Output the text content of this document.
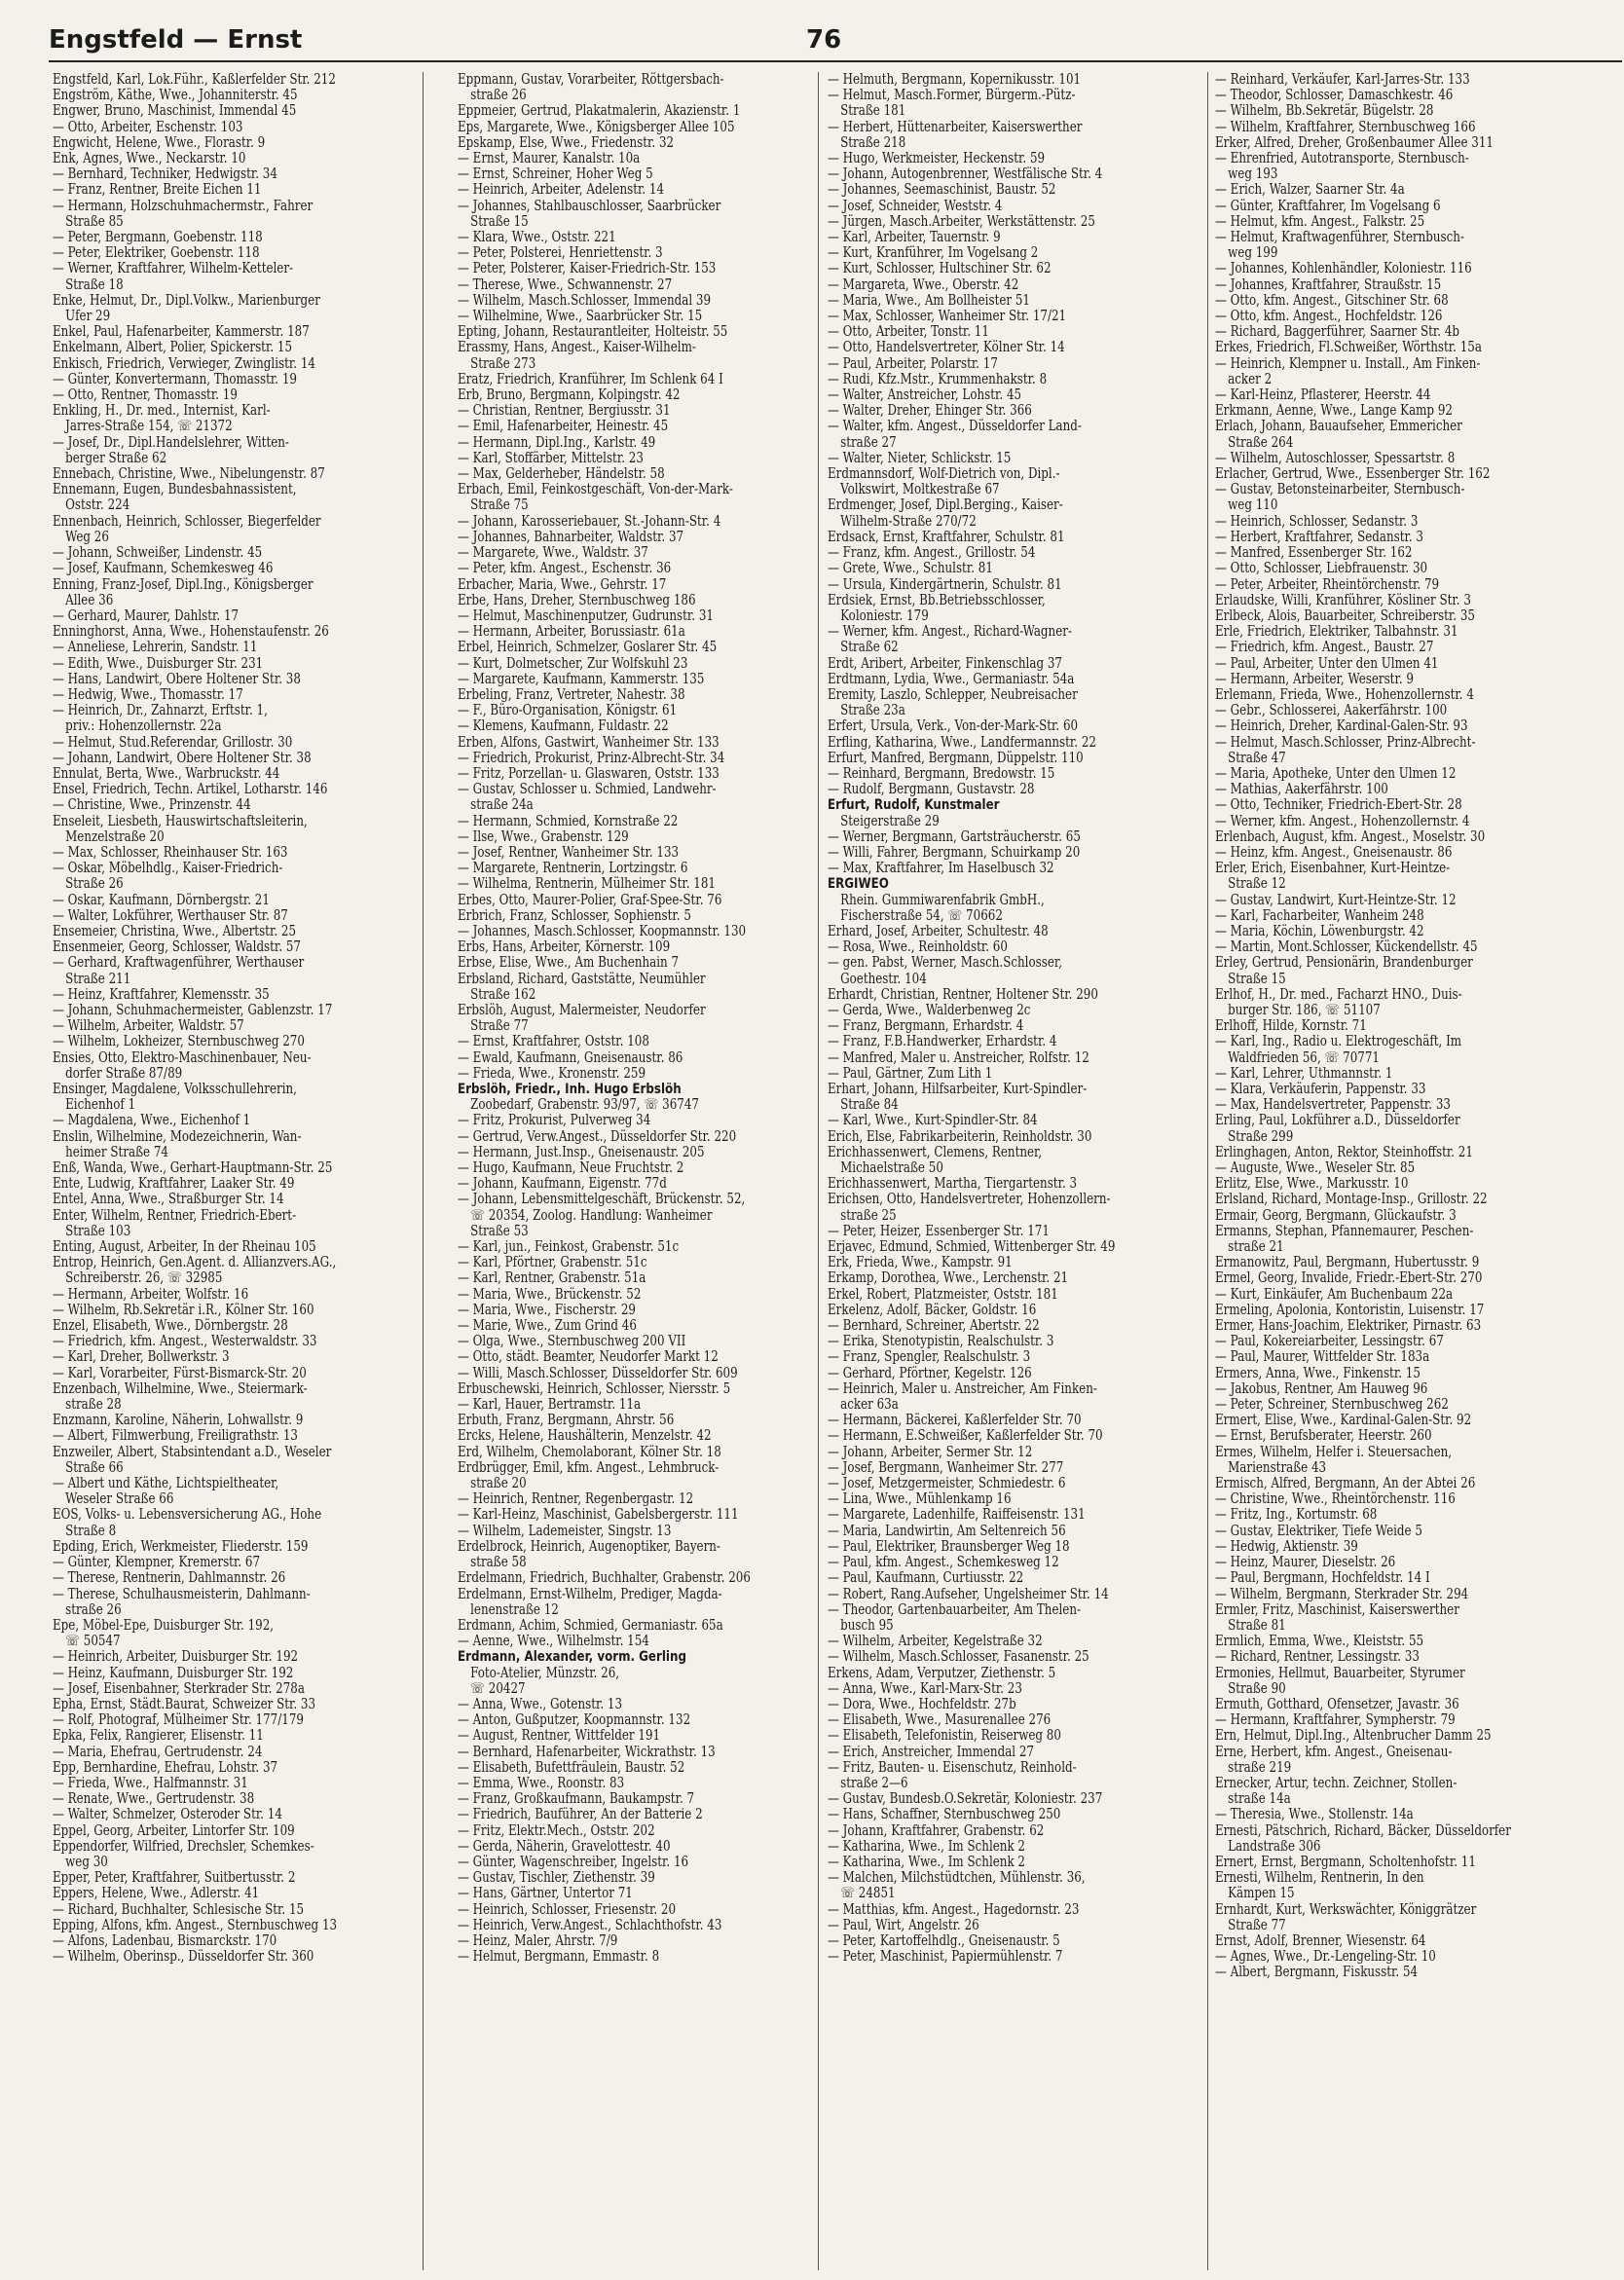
Engstfeld — Ernst	76
Engstfeld, Karl, Lok.Führ., Kaßlerfelder Str. 212
Engström, Käthe, Wwe., Johanniterstr. 45
Engwer, Bruno, Maschinist, Immendal 45
— Otto, Arbeiter, Eschenstr. 103
Engwicht, Helene, Wwe., Florastr. 9
Enk, Agnes, Wwe., Neckarstr. 10
— Bernhard, Techniker, Hedwigstr. 34
— Franz, Rentner, Breite Eichen 11
— Hermann, Holzschuhmachermstr., Fahrer
Straße 85
— Peter, Bergmann, Goebenstr. 118
— Peter, Elektriker, Goebenstr. 118
— Werner, Kraftfahrer, Wilhelm-Ketteler-
Straße 18
Enke, Helmut, Dr., Dipl.Volkw., Marienburger
Ufer 29
Enkel, Paul, Hafenarbeiter, Kammerstr. 187
Enkelmann, Albert, Polier, Spickerstr. 15
Enkisch, Friedrich, Verwieger, Zwinglistr. 14
— Günter, Konvertermann, Thomasstr. 19
— Otto, Rentner, Thomasstr. 19
Enkling, H., Dr. med., Internist, Karl-
Jarres-Straße 154, ☏ 21372
— Josef, Dr., Dipl.Handelslehrer, Witten-
berger Straße 62
Ennebach, Christine, Wwe., Nibelungenstr. 87
Ennemann, Eugen, Bundesbahnassistent,
Oststr. 224
Ennenbach, Heinrich, Schlosser, Biegerfelder
Weg 26
— Johann, Schweißer, Lindenstr. 45
— Josef, Kaufmann, Schemkesweg 46
Enning, Franz-Josef, Dipl.Ing., Königsberger
Allee 36
— Gerhard, Maurer, Dahlstr. 17
Enninghorst, Anna, Wwe., Hohenstaufenstr. 26
— Anneliese, Lehrerin, Sandstr. 11
— Edith, Wwe., Duisburger Str. 231
— Hans, Landwirt, Obere Holtener Str. 38
— Hedwig, Wwe., Thomasstr. 17
— Heinrich, Dr., Zahnarzt, Erftstr. 1,
priv.: Hohenzollernstr. 22a
— Helmut, Stud.Referendar, Grillostr. 30
— Johann, Landwirt, Obere Holtener Str. 38
Ennulat, Berta, Wwe., Warbruckstr. 44
Ensel, Friedrich, Techn. Artikel, Lotharstr. 146
— Christine, Wwe., Prinzenstr. 44
Enseleit, Liesbeth, Hauswirtschaftsleiterin,
Menzelstraße 20
— Max, Schlosser, Rheinhauser Str. 163
— Oskar, Möbelhdlg., Kaiser-Friedrich-
Straße 26
— Oskar, Kaufmann, Dörnbergstr. 21
— Walter, Lokführer, Werthauser Str. 87
Ensemeier, Christina, Wwe., Albertstr. 25
Ensenmeier, Georg, Schlosser, Waldstr. 57
— Gerhard, Kraftwagenführer, Werthauser
Straße 211
— Heinz, Kraftfahrer, Klemensstr. 35
— Johann, Schuhmachermeister, Gablenzstr. 17
— Wilhelm, Arbeiter, Waldstr. 57
— Wilhelm, Lokheizer, Sternbuschweg 270
Ensies, Otto, Elektro-Maschinenbauer, Neu-
dorfer Straße 87/89
Ensinger, Magdalene, Volksschullehrerin,
Eichenhof 1
— Magdalena, Wwe., Eichenhof 1
Enslin, Wilhelmine, Modezeichnerin, Wan-
heimer Straße 74
Enß, Wanda, Wwe., Gerhart-Hauptmann-Str. 25
Ente, Ludwig, Kraftfahrer, Laaker Str. 49
Entel, Anna, Wwe., Straßburger Str. 14
Enter, Wilhelm, Rentner, Friedrich-Ebert-
Straße 103
Enting, August, Arbeiter, In der Rheinau 105
Entrop, Heinrich, Gen.Agent. d. Allianzvers.AG.,
Schreiberstr. 26, ☏ 32985
— Hermann, Arbeiter, Wolfstr. 16
— Wilhelm, Rb.Sekretär i.R., Kölner Str. 160
Enzel, Elisabeth, Wwe., Dörnbergstr. 28
— Friedrich, kfm. Angest., Westerwaldstr. 33
— Karl, Dreher, Bollwerkstr. 3
— Karl, Vorarbeiter, Fürst-Bismarck-Str. 20
Enzenbach, Wilhelmine, Wwe., Steiermark-
straße 28
Enzmann, Karoline, Näherin, Lohwallstr. 9
— Albert, Filmwerbung, Freiligrathstr. 13
Enzweiler, Albert, Stabsintendant a.D., Weseler
Straße 66
— Albert und Käthe, Lichtspieltheater,
Weseler Straße 66
EOS, Volks- u. Lebensversicherung AG., Hohe
Straße 8
Epding, Erich, Werkmeister, Fliederstr. 159
— Günter, Klempner, Kremerstr. 67
— Therese, Rentnerin, Dahlmannstr. 26
— Therese, Schulhausmeisterin, Dahlmann-
straße 26
Epe, Möbel-Epe, Duisburger Str. 192,
☏ 50547
— Heinrich, Arbeiter, Duisburger Str. 192
— Heinz, Kaufmann, Duisburger Str. 192
— Josef, Eisenbahner, Sterkrader Str. 278a
Epha, Ernst, Städt.Baurat, Schweizer Str. 33
— Rolf, Photograf, Mülheimer Str. 177/179
Epka, Felix, Rangierer, Elisenstr. 11
— Maria, Ehefrau, Gertrudenstr. 24
Epp, Bernhardine, Ehefrau, Lohstr. 37
— Frieda, Wwe., Halfmannstr. 31
— Renate, Wwe., Gertrudenstr. 38
— Walter, Schmelzer, Osteroder Str. 14
Eppel, Georg, Arbeiter, Lintorfer Str. 109
Eppendorfer, Wilfried, Drechsler, Schemkes-
weg 30
Epper, Peter, Kraftfahrer, Suitbertusstr. 2
Eppers, Helene, Wwe., Adlerstr. 41
— Richard, Buchhalter, Schlesische Str. 15
Epping, Alfons, kfm. Angest., Sternbuschweg 13
— Alfons, Ladenbau, Bismarckstr. 170
— Wilhelm, Oberinsp., Düsseldorfer Str. 360
Eppmann, Gustav, Vorarbeiter, Röttgersbach-
straße 26
Eppmeier, Gertrud, Plakatmalerin, Akazienstr. 1
Eps, Margarete, Wwe., Königsberger Allee 105
Epskamp, Else, Wwe., Friedenstr. 32
— Ernst, Maurer, Kanalstr. 10a
— Ernst, Schreiner, Hoher Weg 5
— Heinrich, Arbeiter, Adelenstr. 14
— Johannes, Stahlbauschlosser, Saarbrücker
Straße 15
— Klara, Wwe., Oststr. 221
— Peter, Polsterei, Henriettenstr. 3
— Peter, Polsterer, Kaiser-Friedrich-Str. 153
— Therese, Wwe., Schwannenstr. 27
— Wilhelm, Masch.Schlosser, Immendal 39
— Wilhelmine, Wwe., Saarbrücker Str. 15
Epting, Johann, Restaurantleiter, Holteistr. 55
Erassmy, Hans, Angest., Kaiser-Wilhelm-
Straße 273
Eratz, Friedrich, Kranführer, Im Schlenk 64 I
Erb, Bruno, Bergmann, Kolpingstr. 42
— Christian, Rentner, Bergiusstr. 31
— Emil, Hafenarbeiter, Heinestr. 45
— Hermann, Dipl.Ing., Karlstr. 49
— Karl, Stoffärber, Mittelstr. 23
— Max, Gelderheber, Händelstr. 58
Erbach, Emil, Feinkostgeschäft, Von-der-Mark-
Straße 75
— Johann, Karosseriebauer, St.-Johann-Str. 4
— Johannes, Bahnarbeiter, Waldstr. 37
— Margarete, Wwe., Waldstr. 37
— Peter, kfm. Angest., Eschenstr. 36
Erbacher, Maria, Wwe., Gehrstr. 17
Erbe, Hans, Dreher, Sternbuschweg 186
— Helmut, Maschinenputzer, Gudrunstr. 31
— Hermann, Arbeiter, Borussiastr. 61a
Erbel, Heinrich, Schmelzer, Goslarer Str. 45
— Kurt, Dolmetscher, Zur Wolfskuhl 23
— Margarete, Kaufmann, Kammerstr. 135
Erbeling, Franz, Vertreter, Nahestr. 38
— F., Büro-Organisation, Königstr. 61
— Klemens, Kaufmann, Fuldastr. 22
Erben, Alfons, Gastwirt, Wanheimer Str. 133
— Friedrich, Prokurist, Prinz-Albrecht-Str. 34
— Fritz, Porzellan- u. Glaswaren, Oststr. 133
— Gustav, Schlosser u. Schmied, Landwehr-
straße 24a
— Hermann, Schmied, Kornstraße 22
— Ilse, Wwe., Grabenstr. 129
— Josef, Rentner, Wanheimer Str. 133
— Margarete, Rentnerin, Lortzingstr. 6
— Wilhelma, Rentnerin, Mülheimer Str. 181
Erbes, Otto, Maurer-Polier, Graf-Spee-Str. 76
Erbrich, Franz, Schlosser, Sophienstr. 5
— Johannes, Masch.Schlosser, Koopmannstr. 130
Erbs, Hans, Arbeiter, Körnerstr. 109
Erbse, Elise, Wwe., Am Buchenhain 7
Erbsland, Richard, Gaststätte, Neumühler
Straße 162
Erbslöh, August, Malermeister, Neudorfer
Straße 77
— Ernst, Kraftfahrer, Oststr. 108
— Ewald, Kaufmann, Gneisenaustr. 86
— Frieda, Wwe., Kronenstr. 259
Erbslöh, Friedr., Inh. Hugo Erbslöh
Zoobedarf, Grabenstr. 93/97, ☏ 36747
— Fritz, Prokurist, Pulverweg 34
— Gertrud, Verw.Angest., Düsseldorfer Str. 220
— Hermann, Just.Insp., Gneisenaustr. 205
— Hugo, Kaufmann, Neue Fruchtstr. 2
— Johann, Kaufmann, Eigenstr. 77d
— Johann, Lebensmittelgeschäft, Brückenstr. 52,
☏ 20354, Zoolog. Handlung: Wanheimer
Straße 53
— Karl, jun., Feinkost, Grabenstr. 51c
— Karl, Pförtner, Grabenstr. 51c
— Karl, Rentner, Grabenstr. 51a
— Maria, Wwe., Brückenstr. 52
— Maria, Wwe., Fischerstr. 29
— Marie, Wwe., Zum Grind 46
— Olga, Wwe., Sternbuschweg 200 VII
— Otto, städt. Beamter, Neudorfer Markt 12
— Willi, Masch.Schlosser, Düsseldorfer Str. 609
Erbuschewski, Heinrich, Schlosser, Niersstr. 5
— Karl, Hauer, Bertramstr. 11a
Erbuth, Franz, Bergmann, Ahrstr. 56
Ercks, Helene, Haushälterin, Menzelstr. 42
Erd, Wilhelm, Chemolaborant, Kölner Str. 18
Erdbrügger, Emil, kfm. Angest., Lehmbruck-
straße 20
— Heinrich, Rentner, Regenbergastr. 12
— Karl-Heinz, Maschinist, Gabelsbergerstr. 111
— Wilhelm, Lademeister, Singstr. 13
Erdelbrock, Heinrich, Augenoptiker, Bayern-
straße 58
Erdelmann, Friedrich, Buchhalter, Grabenstr. 206
Erdelmann, Ernst-Wilhelm, Prediger, Magda-
lenenstraße 12
Erdmann, Achim, Schmied, Germaniastr. 65a
— Aenne, Wwe., Wilhelmstr. 154
Erdmann, Alexander, vorm. Gerling
Foto-Atelier, Münzstr. 26,
☏ 20427
— Anna, Wwe., Gotenstr. 13
— Anton, Gußputzer, Koopmannstr. 132
— August, Rentner, Wittfelder 191
— Bernhard, Hafenarbeiter, Wickrathstr. 13
— Elisabeth, Bufettfräulein, Baustr. 52
— Emma, Wwe., Roonstr. 83
— Franz, Großkaufmann, Baukampstr. 7
— Friedrich, Bauführer, An der Batterie 2
— Fritz, Elektr.Mech., Oststr. 202
— Gerda, Näherin, Gravelottestr. 40
— Günter, Wagenschreiber, Ingelstr. 16
— Gustav, Tischler, Ziethenstr. 39
— Hans, Gärtner, Untertor 71
— Heinrich, Schlosser, Friesenstr. 20
— Heinrich, Verw.Angest., Schlachthofstr. 43
— Heinz, Maler, Ahrstr. 7/9
— Helmut, Bergmann, Emmastr. 8
— Helmuth, Bergmann, Kopernikusstr. 101
— Helmut, Masch.Former, Bürgerm.-Pütz-
Straße 181
— Herbert, Hüttenarbeiter, Kaiserswerther
Straße 218
— Hugo, Werkmeister, Heckenstr. 59
— Johann, Autogenbrenner, Westfälische Str. 4
— Johannes, Seemaschinist, Baustr. 52
— Josef, Schneider, Weststr. 4
— Jürgen, Masch.Arbeiter, Werkstättenstr. 25
— Karl, Arbeiter, Tauernstr. 9
— Kurt, Kranführer, Im Vogelsang 2
— Kurt, Schlosser, Hultschiner Str. 62
— Margareta, Wwe., Oberstr. 42
— Maria, Wwe., Am Bollheister 51
— Max, Schlosser, Wanheimer Str. 17/21
— Otto, Arbeiter, Tonstr. 11
— Otto, Handelsvertreter, Kölner Str. 14
— Paul, Arbeiter, Polarstr. 17
— Rudi, Kfz.Mstr., Krummenhakstr. 8
— Walter, Anstreicher, Lohstr. 45
— Walter, Dreher, Ehinger Str. 366
— Walter, kfm. Angest., Düsseldorfer Land-
straße 27
— Walter, Nieter, Schlickstr. 15
Erdmannsdorf, Wolf-Dietrich von, Dipl.-
Volkswirt, Moltkestraße 67
Erdmenger, Josef, Dipl.Berging., Kaiser-
Wilhelm-Straße 270/72
Erdsack, Ernst, Kraftfahrer, Schulstr. 81
— Franz, kfm. Angest., Grillostr. 54
— Grete, Wwe., Schulstr. 81
— Ursula, Kindergärtnerin, Schulstr. 81
Erdsiek, Ernst, Bb.Betriebsschlosser,
Koloniestr. 179
— Werner, kfm. Angest., Richard-Wagner-
Straße 62
Erdt, Aribert, Arbeiter, Finkenschlag 37
Erdtmann, Lydia, Wwe., Germaniastr. 54a
Eremity, Laszlo, Schlepper, Neubreisacher
Straße 23a
Erfert, Ursula, Verk., Von-der-Mark-Str. 60
Erfling, Katharina, Wwe., Landfermannstr. 22
Erfurt, Manfred, Bergmann, Düppelstr. 110
— Reinhard, Bergmann, Bredowstr. 15
— Rudolf, Bergmann, Gustavstr. 28
Erfurt, Rudolf, Kunstmaler
Steigerstraße 29
— Werner, Bergmann, Gartsträucherstr. 65
— Willi, Fahrer, Bergmann, Schuirkamp 20
— Max, Kraftfahrer, Im Haselbusch 32
ERGIWEO
Rhein. Gummiwarenfabrik GmbH.,
Fischerstraße 54, ☏ 70662
Erhard, Josef, Arbeiter, Schultestr. 48
— Rosa, Wwe., Reinholdstr. 60
— gen. Pabst, Werner, Masch.Schlosser,
Goethestr. 104
Erhardt, Christian, Rentner, Holtener Str. 290
— Gerda, Wwe., Walderbenweg 2c
— Franz, Bergmann, Erhardstr. 4
— Franz, F.B.Handwerker, Erhardstr. 4
— Manfred, Maler u. Anstreicher, Rolfstr. 12
— Paul, Gärtner, Zum Lith 1
Erhart, Johann, Hilfsarbeiter, Kurt-Spindler-
Straße 84
— Karl, Wwe., Kurt-Spindler-Str. 84
Erich, Else, Fabrikarbeiterin, Reinholdstr. 30
Erichhassenwert, Clemens, Rentner,
Michaelstraße 50
Erichhassenwert, Martha, Tiergartenstr. 3
Erichsen, Otto, Handelsvertreter, Hohenzollern-
straße 25
— Peter, Heizer, Essenberger Str. 171
Erjavec, Edmund, Schmied, Wittenberger Str. 49
Erk, Frieda, Wwe., Kampstr. 91
Erkamp, Dorothea, Wwe., Lerchenstr. 21
Erkel, Robert, Platzmeister, Oststr. 181
Erkelenz, Adolf, Bäcker, Goldstr. 16
— Bernhard, Schreiner, Abertstr. 22
— Erika, Stenotypistin, Realschulstr. 3
— Franz, Spengler, Realschulstr. 3
— Gerhard, Pförtner, Kegelstr. 126
— Heinrich, Maler u. Anstreicher, Am Finken-
acker 63a
— Hermann, Bäckerei, Kaßlerfelder Str. 70
— Hermann, E.Schweißer, Kaßlerfelder Str. 70
— Johann, Arbeiter, Sermer Str. 12
— Josef, Bergmann, Wanheimer Str. 277
— Josef, Metzgermeister, Schmiedestr. 6
— Lina, Wwe., Mühlenkamp 16
— Margarete, Ladenhilfe, Raiffeisenstr. 131
— Maria, Landwirtin, Am Seltenreich 56
— Paul, Elektriker, Braunsberger Weg 18
— Paul, kfm. Angest., Schemkesweg 12
— Paul, Kaufmann, Curtiusstr. 22
— Robert, Rang.Aufseher, Ungelsheimer Str. 14
— Theodor, Gartenbauarbeiter, Am Thelen-
busch 95
— Wilhelm, Arbeiter, Kegelstraße 32
— Wilhelm, Masch.Schlosser, Fasanenstr. 25
Erkens, Adam, Verputzer, Ziethenstr. 5
— Anna, Wwe., Karl-Marx-Str. 23
— Dora, Wwe., Hochfeldstr. 27b
— Elisabeth, Wwe., Masurenallee 276
— Elisabeth, Telefonistin, Reiserweg 80
— Erich, Anstreicher, Immendal 27
— Fritz, Bauten- u. Eisenschutz, Reinhold-
straße 2—6
— Gustav, Bundesb.O.Sekretär, Koloniestr. 237
— Hans, Schaffner, Sternbuschweg 250
— Johann, Kraftfahrer, Grabenstr. 62
— Katharina, Wwe., Im Schlenk 2
— Katharina, Wwe., Im Schlenk 2
— Malchen, Milchstüdtchen, Mühlenstr. 36,
☏ 24851
— Matthias, kfm. Angest., Hagedornstr. 23
— Paul, Wirt, Angelstr. 26
— Peter, Kartoffelhdlg., Gneisenaustr. 5
— Peter, Maschinist, Papiermühlenstr. 7
— Reinhard, Verkäufer, Karl-Jarres-Str. 133
— Theodor, Schlosser, Damaschkestr. 46
— Wilhelm, Bb.Sekretär, Bügelstr. 28
— Wilhelm, Kraftfahrer, Sternbuschweg 166
Erker, Alfred, Dreher, Großenbaumer Allee 311
— Ehrenfried, Autotransporte, Sternbusch-
weg 193
— Erich, Walzer, Saarner Str. 4a
— Günter, Kraftfahrer, Im Vogelsang 6
— Helmut, kfm. Angest., Falkstr. 25
— Helmut, Kraftwagenführer, Sternbusch-
weg 199
— Johannes, Kohlenhändler, Koloniestr. 116
— Johannes, Kraftfahrer, Straußstr. 15
— Otto, kfm. Angest., Gitschiner Str. 68
— Otto, kfm. Angest., Hochfeldstr. 126
— Richard, Baggerführer, Saarner Str. 4b
Erkes, Friedrich, Fl.Schweißer, Wörthstr. 15a
— Heinrich, Klempner u. Install., Am Finken-
acker 2
— Karl-Heinz, Pflasterer, Heerstr. 44
Erkmann, Aenne, Wwe., Lange Kamp 92
Erlach, Johann, Bauaufseher, Emmericher
Straße 264
— Wilhelm, Autoschlosser, Spessartstr. 8
Erlacher, Gertrud, Wwe., Essenberger Str. 162
— Gustav, Betonsteinarbeiter, Sternbusch-
weg 110
— Heinrich, Schlosser, Sedanstr. 3
— Herbert, Kraftfahrer, Sedanstr. 3
— Manfred, Essenberger Str. 162
— Otto, Schlosser, Liebfrauenstr. 30
— Peter, Arbeiter, Rheintörchenstr. 79
Erlaudske, Willi, Kranführer, Kösliner Str. 3
Erlbeck, Alois, Bauarbeiter, Schreiberstr. 35
Erle, Friedrich, Elektriker, Talbahnstr. 31
— Friedrich, kfm. Angest., Baustr. 27
— Paul, Arbeiter, Unter den Ulmen 41
— Hermann, Arbeiter, Weserstr. 9
Erlemann, Frieda, Wwe., Hohenzollernstr. 4
— Gebr., Schlosserei, Aakerfährstr. 100
— Heinrich, Dreher, Kardinal-Galen-Str. 93
— Helmut, Masch.Schlosser, Prinz-Albrecht-
Straße 47
— Maria, Apotheke, Unter den Ulmen 12
— Mathias, Aakerfährstr. 100
— Otto, Techniker, Friedrich-Ebert-Str. 28
— Werner, kfm. Angest., Hohenzollernstr. 4
Erlenbach, August, kfm. Angest., Moselstr. 30
— Heinz, kfm. Angest., Gneisenaustr. 86
Erler, Erich, Eisenbahner, Kurt-Heintze-
Straße 12
— Gustav, Landwirt, Kurt-Heintze-Str. 12
— Karl, Facharbeiter, Wanheim 248
— Maria, Köchin, Löwenburgstr. 42
— Martin, Mont.Schlosser, Kückendellstr. 45
Erley, Gertrud, Pensionärin, Brandenburger
Straße 15
Erlhof, H., Dr. med., Facharzt HNO., Duis-
burger Str. 186, ☏ 51107
Erlhoff, Hilde, Kornstr. 71
— Karl, Ing., Radio u. Elektrogeschäft, Im
Waldfrieden 56, ☏ 70771
— Karl, Lehrer, Uthmannstr. 1
— Klara, Verkäuferin, Pappenstr. 33
— Max, Handelsvertreter, Pappenstr. 33
Erling, Paul, Lokführer a.D., Düsseldorfer
Straße 299
Erlinghagen, Anton, Rektor, Steinhoffstr. 21
— Auguste, Wwe., Weseler Str. 85
Erlitz, Else, Wwe., Markusstr. 10
Erlsland, Richard, Montage-Insp., Grillostr. 22
Ermair, Georg, Bergmann, Glückaufstr. 3
Ermanns, Stephan, Pfannemaurer, Peschen-
straße 21
Ermanowitz, Paul, Bergmann, Hubertusstr. 9
Ermel, Georg, Invalide, Friedr.-Ebert-Str. 270
— Kurt, Einkäufer, Am Buchenbaum 22a
Ermeling, Apolonia, Kontoristin, Luisenstr. 17
Ermer, Hans-Joachim, Elektriker, Pirnastr. 63
— Paul, Kokereiarbeiter, Lessingstr. 67
— Paul, Maurer, Wittfelder Str. 183a
Ermers, Anna, Wwe., Finkenstr. 15
— Jakobus, Rentner, Am Hauweg 96
— Peter, Schreiner, Sternbuschweg 262
Ermert, Elise, Wwe., Kardinal-Galen-Str. 92
— Ernst, Berufsberater, Heerstr. 260
Ermes, Wilhelm, Helfer i. Steuersachen,
Marienstraße 43
Ermisch, Alfred, Bergmann, An der Abtei 26
— Christine, Wwe., Rheintörchenstr. 116
— Fritz, Ing., Kortumstr. 68
— Gustav, Elektriker, Tiefe Weide 5
— Hedwig, Aktienstr. 39
— Heinz, Maurer, Dieselstr. 26
— Paul, Bergmann, Hochfeldstr. 14 I
— Wilhelm, Bergmann, Sterkrader Str. 294
Ermler, Fritz, Maschinist, Kaiserswerther
Straße 81
Ermlich, Emma, Wwe., Kleiststr. 55
— Richard, Rentner, Lessingstr. 33
Ermonies, Hellmut, Bauarbeiter, Styrumer
Straße 90
Ermuth, Gotthard, Ofensetzer, Javastr. 36
— Hermann, Kraftfahrer, Sympherstr. 79
Ern, Helmut, Dipl.Ing., Altenbrucher Damm 25
Erne, Herbert, kfm. Angest., Gneisenau-
straße 219
Ernecker, Artur, techn. Zeichner, Stollen-
straße 14a
— Theresia, Wwe., Stollenstr. 14a
Ernesti, Pätschrich, Richard, Bäcker, Düsseldorfer
Landstraße 306
Ernert, Ernst, Bergmann, Scholtenhofstr. 11
Ernesti, Wilhelm, Rentnerin, In den
Kämpen 15
Ernhardt, Kurt, Werkswächter, Königgrätzer
Straße 77
Ernst, Adolf, Brenner, Wiesenstr. 64
— Agnes, Wwe., Dr.-Lengeling-Str. 10
— Albert, Bergmann, Fiskusstr. 54
